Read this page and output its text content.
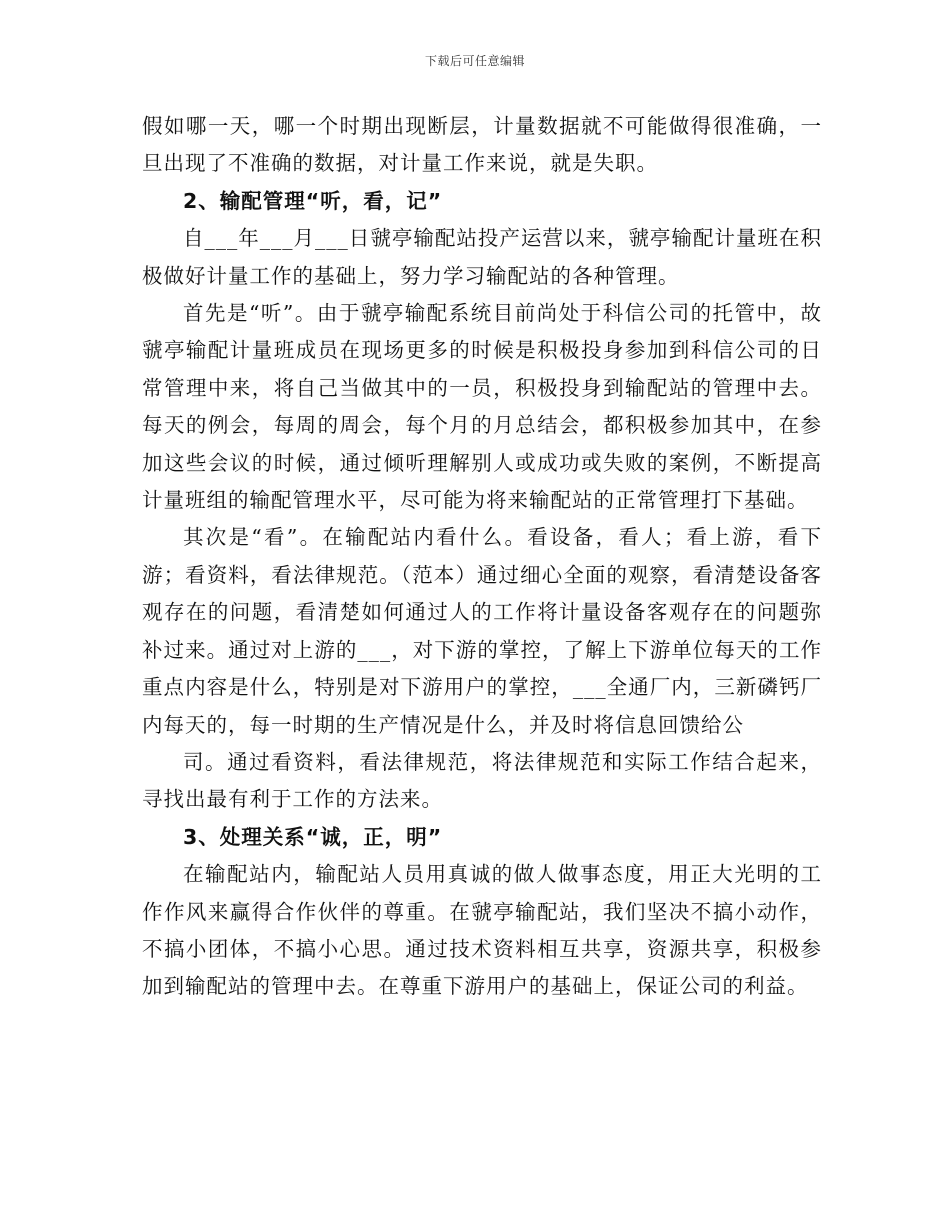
下载后可任意编辑

假如哪一天，哪一个时期出现断层，计量数据就不可能做得很准确，一旦出现了不准确的数据，对计量工作来说，就是失职。

2、输配管理“听，看，记”

自___年___月___日虢亭输配站投产运营以来，虢亭输配计量班在积极做好计量工作的基础上，努力学习输配站的各种管理。

首先是“听”。由于虢亭输配系统目前尚处于科信公司的托管中，故虢亭输配计量班成员在现场更多的时候是积极投身参加到科信公司的日常管理中来，将自己当做其中的一员，积极投身到输配站的管理中去。每天的例会，每周的周会，每个月的月总结会，都积极参加其中，在参加这些会议的时候，通过倾听理解别人或成功或失败的案例，不断提高计量班组的输配管理水平，尽可能为将来输配站的正常管理打下基础。

其次是“看”。在输配站内看什么。看设备，看人；看上游，看下游；看资料，看法律规范。（范本）通过细心全面的观察，看清楚设备客观存在的问题，看清楚如何通过人的工作将计量设备客观存在的问题弥补过来。通过对上游的___，对下游的掌控，了解上下游单位每天的工作重点内容是什么，特别是对下游用户的掌控，___全通厂内，三新磷钙厂内每天的，每一时期的生产情况是什么，并及时将信息回馈给公

司。通过看资料，看法律规范，将法律规范和实际工作结合起来，寻找出最有利于工作的方法来。

3、处理关系“诚，正，明”

在输配站内，输配站人员用真诚的做人做事态度，用正大光明的工作作风来赢得合作伙伴的尊重。在虢亭输配站，我们坚决不搞小动作，不搞小团体，不搞小心思。通过技术资料相互共享，资源共享，积极参加到输配站的管理中去。在尊重下游用户的基础上，保证公司的利益。
